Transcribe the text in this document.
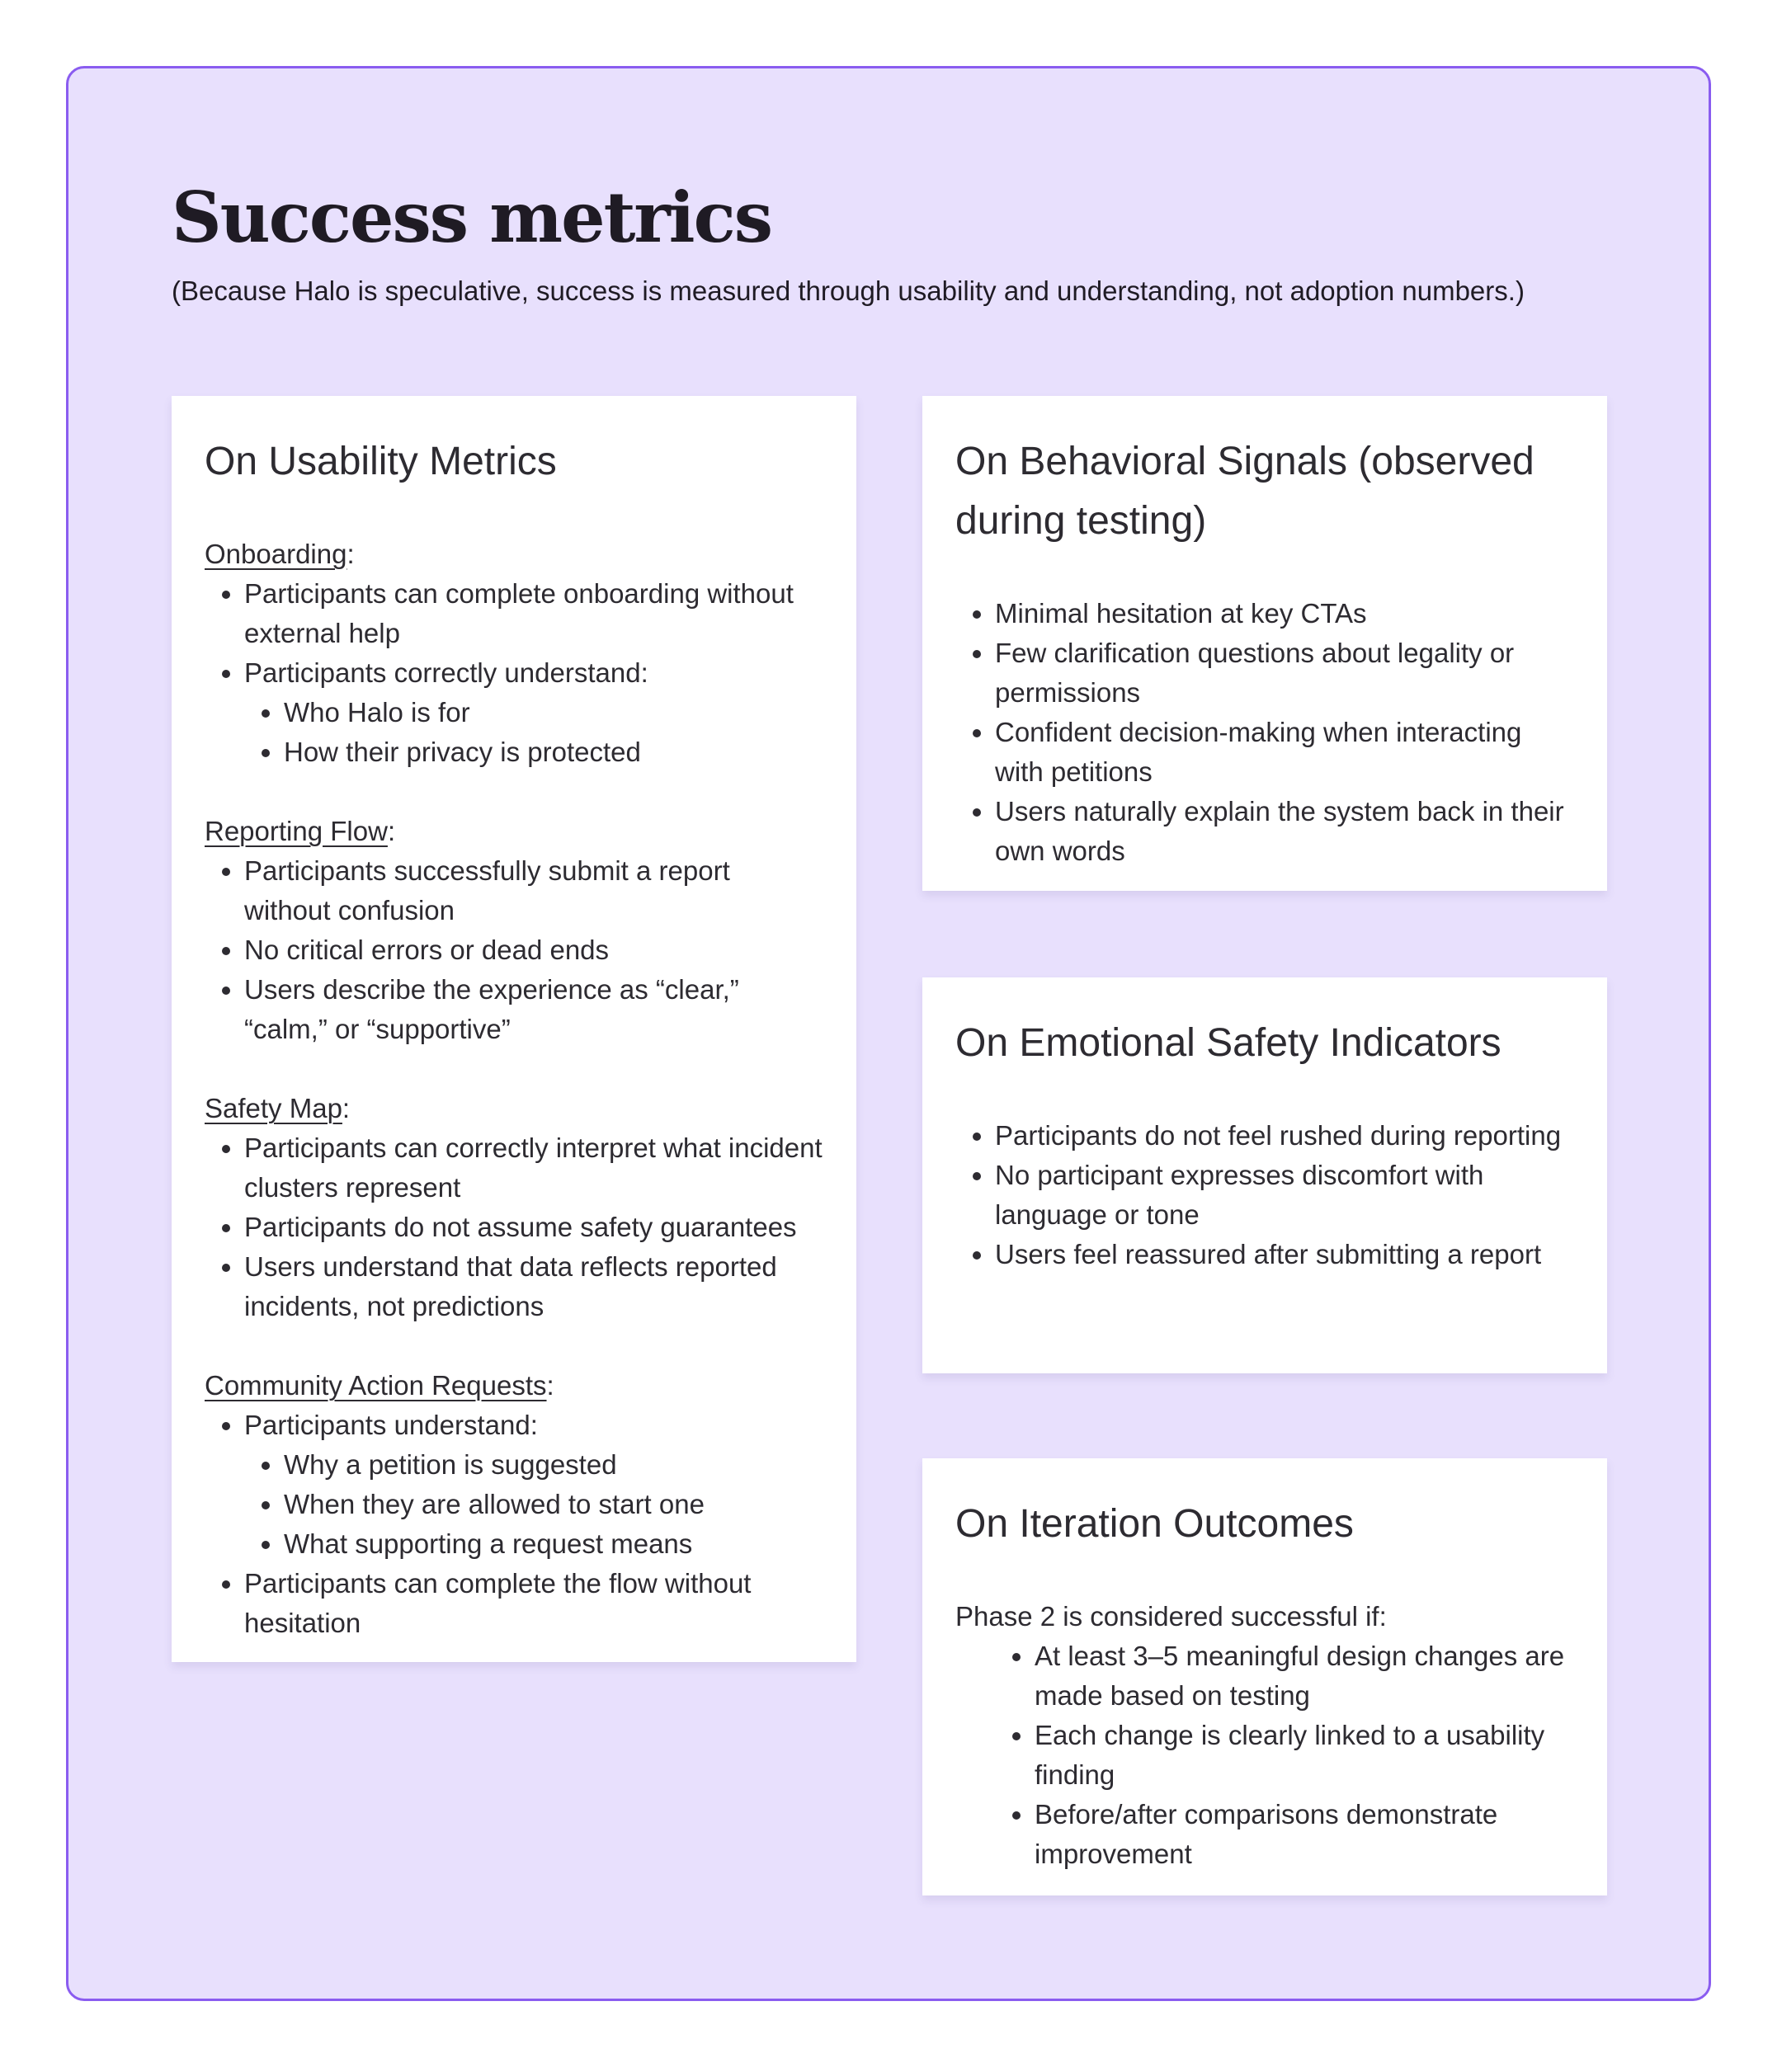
Success metrics

(Because Halo is speculative, success is measured through usability and understanding, not adoption numbers.)

On Usability Metrics
Onboarding:
• Participants can complete onboarding without external help
• Participants correctly understand:
• Who Halo is for
• How their privacy is protected
Reporting Flow:
• Participants successfully submit a report without confusion
• No critical errors or dead ends
• Users describe the experience as “clear,” “calm,” or “supportive”
Safety Map:
• Participants can correctly interpret what incident clusters represent
• Participants do not assume safety guarantees
• Users understand that data reflects reported incidents, not predictions
Community Action Requests:
• Participants understand:
• Why a petition is suggested
• When they are allowed to start one
• What supporting a request means
• Participants can complete the flow without hesitation
On Behavioral Signals (observed during testing)
• Minimal hesitation at key CTAs
• Few clarification questions about legality or permissions
• Confident decision-making when interacting with petitions
• Users naturally explain the system back in their own words
On Emotional Safety Indicators
• Participants do not feel rushed during reporting
• No participant expresses discomfort with language or tone
• Users feel reassured after submitting a report
On Iteration Outcomes
Phase 2 is considered successful if:
• At least 3–5 meaningful design changes are made based on testing
• Each change is clearly linked to a usability finding
• Before/after comparisons demonstrate improvement
